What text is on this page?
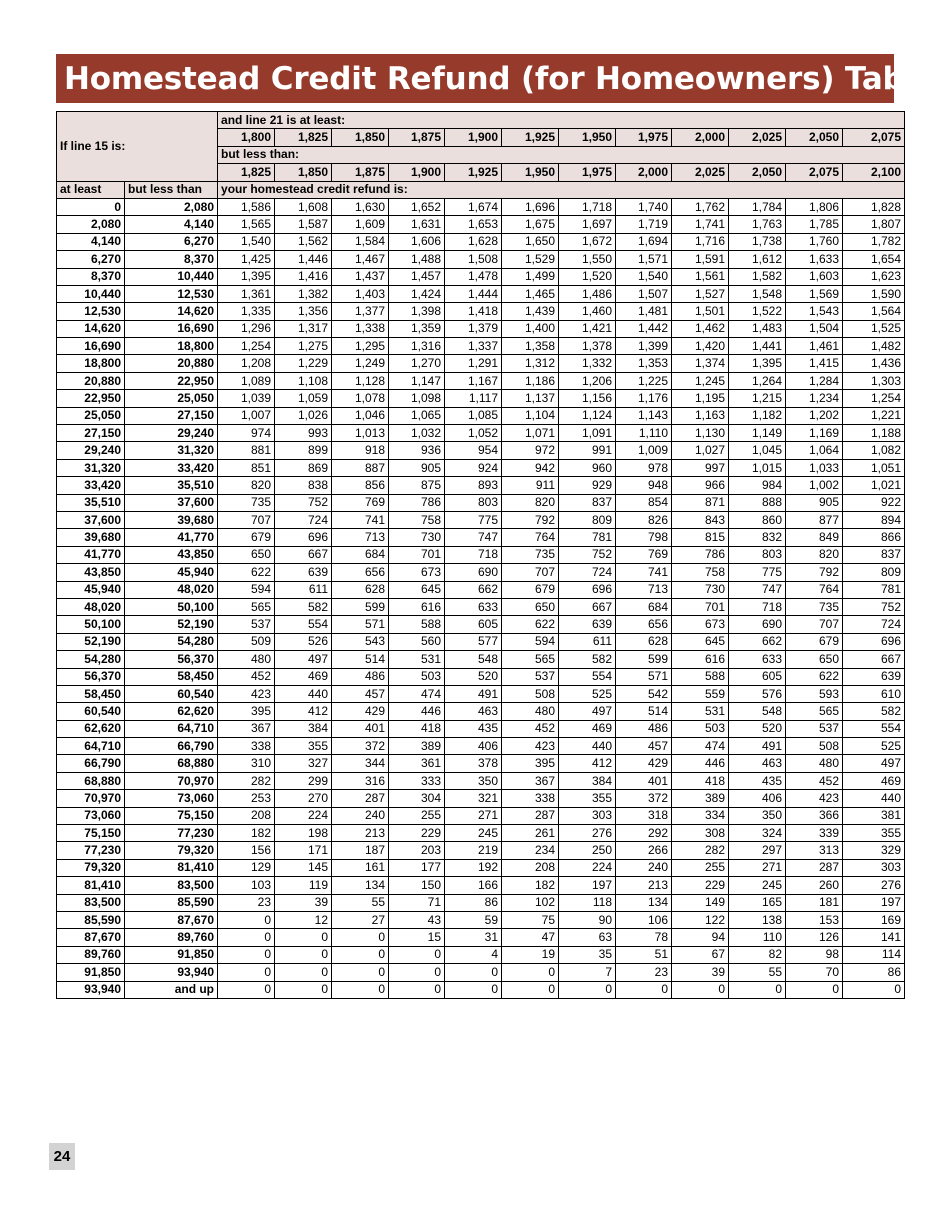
Homestead Credit Refund (for Homeowners) Table
If line 15 is:		and line 21 is at least:											
		1,800	1,825	1,850	1,875	1,900	1,925	1,950	1,975	2,000	2,025	2,050	2,075
		but less than:											
		1,825	1,850	1,875	1,900	1,925	1,950	1,975	2,000	2,025	2,050	2,075	2,100
at least	but less than	your homestead credit refund is:											
0	2,080	1,586	1,608	1,630	1,652	1,674	1,696	1,718	1,740	1,762	1,784	1,806	1,828
2,080	4,140	1,565	1,587	1,609	1,631	1,653	1,675	1,697	1,719	1,741	1,763	1,785	1,807
4,140	6,270	1,540	1,562	1,584	1,606	1,628	1,650	1,672	1,694	1,716	1,738	1,760	1,782
6,270	8,370	1,425	1,446	1,467	1,488	1,508	1,529	1,550	1,571	1,591	1,612	1,633	1,654
8,370	10,440	1,395	1,416	1,437	1,457	1,478	1,499	1,520	1,540	1,561	1,582	1,603	1,623
10,440	12,530	1,361	1,382	1,403	1,424	1,444	1,465	1,486	1,507	1,527	1,548	1,569	1,590
12,530	14,620	1,335	1,356	1,377	1,398	1,418	1,439	1,460	1,481	1,501	1,522	1,543	1,564
14,620	16,690	1,296	1,317	1,338	1,359	1,379	1,400	1,421	1,442	1,462	1,483	1,504	1,525
16,690	18,800	1,254	1,275	1,295	1,316	1,337	1,358	1,378	1,399	1,420	1,441	1,461	1,482
18,800	20,880	1,208	1,229	1,249	1,270	1,291	1,312	1,332	1,353	1,374	1,395	1,415	1,436
20,880	22,950	1,089	1,108	1,128	1,147	1,167	1,186	1,206	1,225	1,245	1,264	1,284	1,303
22,950	25,050	1,039	1,059	1,078	1,098	1,117	1,137	1,156	1,176	1,195	1,215	1,234	1,254
25,050	27,150	1,007	1,026	1,046	1,065	1,085	1,104	1,124	1,143	1,163	1,182	1,202	1,221
27,150	29,240	974	993	1,013	1,032	1,052	1,071	1,091	1,110	1,130	1,149	1,169	1,188
29,240	31,320	881	899	918	936	954	972	991	1,009	1,027	1,045	1,064	1,082
31,320	33,420	851	869	887	905	924	942	960	978	997	1,015	1,033	1,051
33,420	35,510	820	838	856	875	893	911	929	948	966	984	1,002	1,021
35,510	37,600	735	752	769	786	803	820	837	854	871	888	905	922
37,600	39,680	707	724	741	758	775	792	809	826	843	860	877	894
39,680	41,770	679	696	713	730	747	764	781	798	815	832	849	866
41,770	43,850	650	667	684	701	718	735	752	769	786	803	820	837
43,850	45,940	622	639	656	673	690	707	724	741	758	775	792	809
45,940	48,020	594	611	628	645	662	679	696	713	730	747	764	781
48,020	50,100	565	582	599	616	633	650	667	684	701	718	735	752
50,100	52,190	537	554	571	588	605	622	639	656	673	690	707	724
52,190	54,280	509	526	543	560	577	594	611	628	645	662	679	696
54,280	56,370	480	497	514	531	548	565	582	599	616	633	650	667
56,370	58,450	452	469	486	503	520	537	554	571	588	605	622	639
58,450	60,540	423	440	457	474	491	508	525	542	559	576	593	610
60,540	62,620	395	412	429	446	463	480	497	514	531	548	565	582
62,620	64,710	367	384	401	418	435	452	469	486	503	520	537	554
64,710	66,790	338	355	372	389	406	423	440	457	474	491	508	525
66,790	68,880	310	327	344	361	378	395	412	429	446	463	480	497
68,880	70,970	282	299	316	333	350	367	384	401	418	435	452	469
70,970	73,060	253	270	287	304	321	338	355	372	389	406	423	440
73,060	75,150	208	224	240	255	271	287	303	318	334	350	366	381
75,150	77,230	182	198	213	229	245	261	276	292	308	324	339	355
77,230	79,320	156	171	187	203	219	234	250	266	282	297	313	329
79,320	81,410	129	145	161	177	192	208	224	240	255	271	287	303
81,410	83,500	103	119	134	150	166	182	197	213	229	245	260	276
83,500	85,590	23	39	55	71	86	102	118	134	149	165	181	197
85,590	87,670	0	12	27	43	59	75	90	106	122	138	153	169
87,670	89,760	0	0	0	15	31	47	63	78	94	110	126	141
89,760	91,850	0	0	0	0	4	19	35	51	67	82	98	114
91,850	93,940	0	0	0	0	0	0	7	23	39	55	70	86
93,940	and up	0	0	0	0	0	0	0	0	0	0	0	0
24
